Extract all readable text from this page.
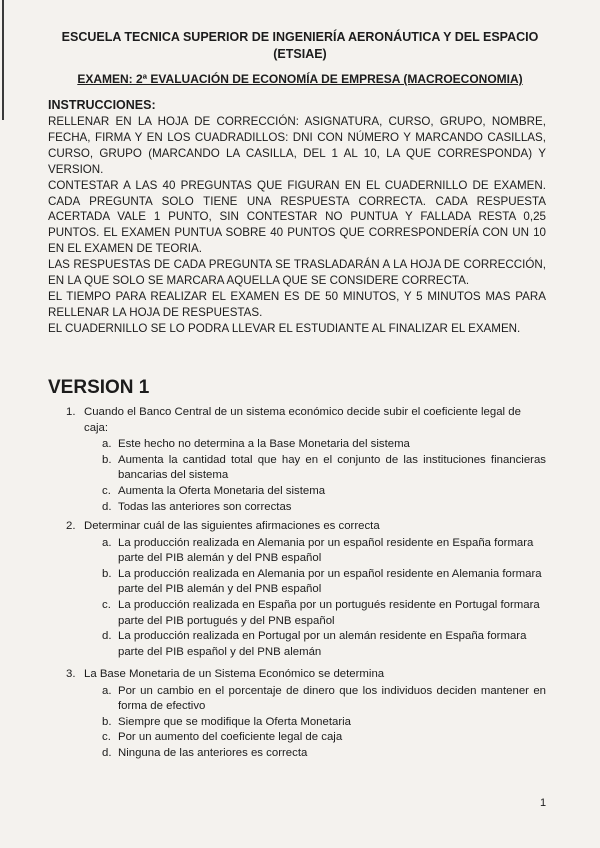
ESCUELA TECNICA SUPERIOR DE INGENIERÍA AERONÁUTICA Y DEL ESPACIO
(ETSIAE)
EXAMEN: 2ª EVALUACIÓN DE ECONOMÍA DE EMPRESA (MACROECONOMIA)
INSTRUCCIONES:

RELLENAR EN LA HOJA DE CORRECCIÓN: ASIGNATURA, CURSO, GRUPO, NOMBRE, FECHA, FIRMA Y EN LOS CUADRADILLOS: DNI CON NÚMERO Y MARCANDO CASILLAS, CURSO, GRUPO (MARCANDO LA CASILLA, DEL 1 AL 10, LA QUE CORRESPONDA) Y VERSION.

CONTESTAR A LAS 40 PREGUNTAS QUE FIGURAN EN EL CUADERNILLO DE EXAMEN. CADA PREGUNTA SOLO TIENE UNA RESPUESTA CORRECTA. CADA RESPUESTA ACERTADA VALE 1 PUNTO, SIN CONTESTAR NO PUNTUA Y FALLADA RESTA 0,25 PUNTOS. EL EXAMEN PUNTUA SOBRE 40 PUNTOS QUE CORRESPONDERÍA CON UN 10 EN EL EXAMEN DE TEORIA.

LAS RESPUESTAS DE CADA PREGUNTA SE TRASLADARÁN A LA HOJA DE CORRECCIÓN, EN LA QUE SOLO SE MARCARA AQUELLA QUE SE CONSIDERE CORRECTA.

EL TIEMPO PARA REALIZAR EL EXAMEN ES DE 50 MINUTOS, Y 5 MINUTOS MAS PARA RELLENAR LA HOJA DE RESPUESTAS.

EL CUADERNILLO SE LO PODRA LLEVAR EL ESTUDIANTE AL FINALIZAR EL EXAMEN.

VERSION 1
1. Cuando el Banco Central de un sistema económico decide subir el coeficiente legal de caja:
a. Este hecho no determina a la Base Monetaria del sistema
b. Aumenta la cantidad total que hay en el conjunto de las instituciones financieras bancarias del sistema
c. Aumenta la Oferta Monetaria del sistema
d. Todas las anteriores son correctas
2. Determinar cuál de las siguientes afirmaciones es correcta
a. La producción realizada en Alemania por un español residente en España formara parte del PIB alemán y del PNB español
b. La producción realizada en Alemania por un español residente en Alemania formara parte del PIB alemán y del PNB español
c. La producción realizada en España por un portugués residente en Portugal formara parte del PIB portugués y del PNB español
d. La producción realizada en Portugal por un alemán residente en España formara parte del PIB español y del PNB alemán
3. La Base Monetaria de un Sistema Económico se determina
a. Por un cambio en el porcentaje de dinero que los individuos deciden mantener en forma de efectivo
b. Siempre que se modifique la Oferta Monetaria
c. Por un aumento del coeficiente legal de caja
d. Ninguna de las anteriores es correcta
1
